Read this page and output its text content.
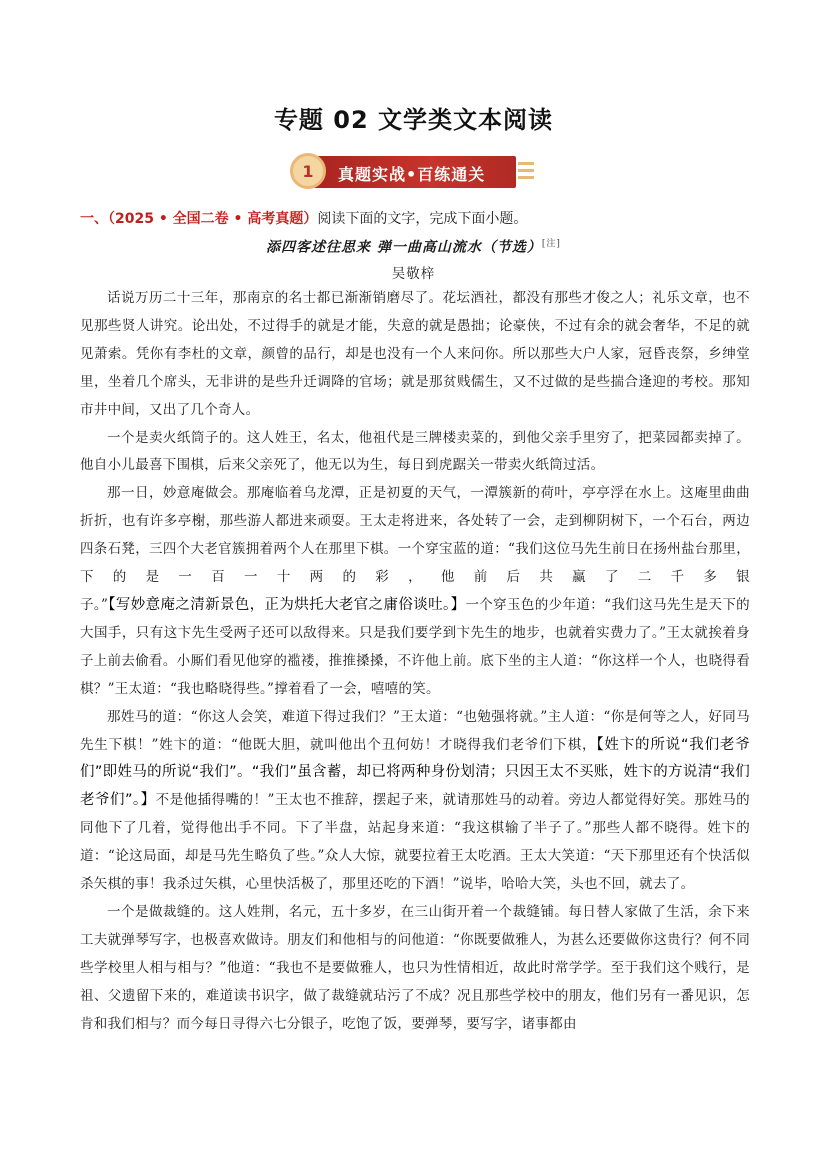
专题 02 文学类文本阅读
1 真题实战•百练通关
一、（2025 • 全国二卷 • 高考真题）阅读下面的文字，完成下面小题。
添四客述往思来 弹一曲高山流水（节选）[注]
吴敬梓

话说万历二十三年，那南京的名士都已渐渐销磨尽了。花坛酒社，都没有那些才俊之人；礼乐文章，也不见那些贤人讲究。论出处，不过得手的就是才能，失意的就是愚拙；论豪侠，不过有余的就会奢华，不足的就见萧索。凭你有李杜的文章，颜曾的品行，却是也没有一个人来问你。所以那些大户人家，冠昏丧祭，乡绅堂里，坐着几个席头，无非讲的是些升迁调降的官场；就是那贫贱儒生，又不过做的是些揣合逢迎的考校。那知市井中间，又出了几个奇人。

一个是卖火纸筒子的。这人姓王，名太，他祖代是三牌楼卖菜的，到他父亲手里穷了，把菜园都卖掉了。他自小儿最喜下围棋，后来父亲死了，他无以为生，每日到虎踞关一带卖火纸筒过活。

那一日，妙意庵做会。那庵临着乌龙潭，正是初夏的天气，一潭簇新的荷叶，亭亭浮在水上。这庵里曲曲折折，也有许多亭榭，那些游人都进来顽耍。王太走将进来，各处转了一会，走到柳阴树下，一个石台，两边四条石凳，三四个大老官簇拥着两个人在那里下棋。一个穿宝蓝的道：“我们这位马先生前日在扬州盐台那里，下的是一百一十两的彩，他前后共赢了二千多银子。”【写妙意庵之清新景色，正为烘托大老官之庸俗谈吐。】一个穿玉色的少年道：“我们这马先生是天下的大国手，只有这卞先生受两子还可以敌得来。只是我们要学到卞先生的地步，也就着实费力了。”王太就挨着身子上前去偷看。小厮们看见他穿的褴褛，推推搡搡，不许他上前。底下坐的主人道：“你这样一个人，也晓得看棋？”王太道：“我也略晓得些。”撑着看了一会，嘻嘻的笑。

那姓马的道：“你这人会笑，难道下得过我们？”王太道：“也勉强将就。”主人道：“你是何等之人，好同马先生下棋！”姓卞的道：“他既大胆，就叫他出个丑何妨！才晓得我们老爷们下棋，【姓卞的所说“我们老爷们”即姓马的所说“我们”。“我们”虽含蓄，却已将两种身份划清；只因王太不买账，姓卞的方说清“我们老爷们”。】不是他插得嘴的！”王太也不推辞，摆起子来，就请那姓马的动着。旁边人都觉得好笑。那姓马的同他下了几着，觉得他出手不同。下了半盘，站起身来道：“我这棋输了半子了。”那些人都不晓得。姓卞的道：“论这局面，却是马先生略负了些。”众人大惊，就要拉着王太吃酒。王太大笑道：“天下那里还有个快活似杀矢棋的事！我杀过矢棋，心里快活极了，那里还吃的下酒！”说毕，哈哈大笑，头也不回，就去了。

一个是做裁缝的。这人姓荆，名元，五十多岁，在三山街开着一个裁缝铺。每日替人家做了生活，余下来工夫就弹琴写字，也极喜欢做诗。朋友们和他相与的问他道：“你既要做雅人，为甚么还要做你这贵行？何不同些学校里人相与相与？”他道：“我也不是要做雅人，也只为性情相近，故此时常学学。至于我们这个贱行，是祖、父遗留下来的，难道读书识字，做了裁缝就玷污了不成？况且那些学校中的朋友，他们另有一番见识，怎肯和我们相与？而今每日寻得六七分银子，吃饱了饭，要弹琴，要写字，诸事都由
